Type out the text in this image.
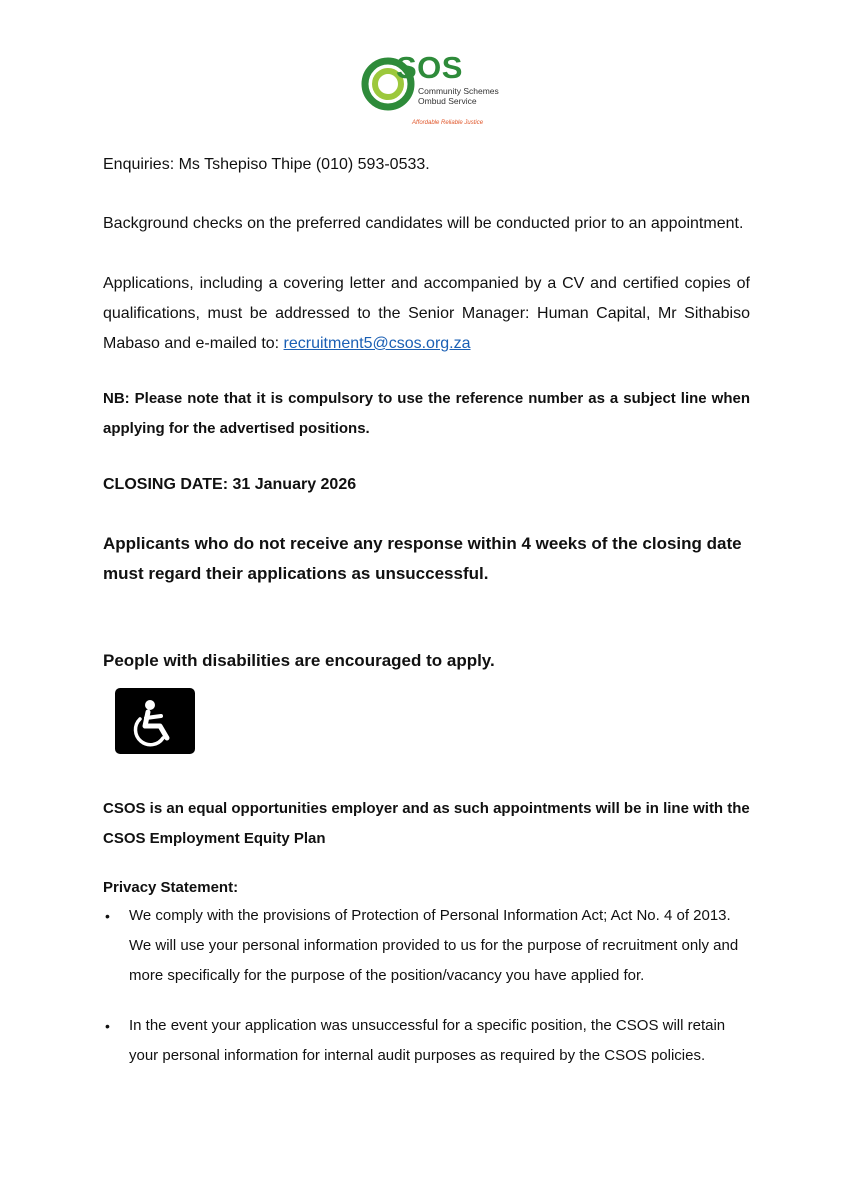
SOS
Community Schemes
Ombud Service
Affordable Reliable Justice

Enquiries: Ms Tshepiso Thipe (010) 593-0533.

Background checks on the preferred candidates will be conducted prior to an appointment.

Applications, including a covering letter and accompanied by a CV and certified copies of qualifications, must be addressed to the Senior Manager: Human Capital, Mr Sithabiso Mabaso and e-mailed to: recruitment5@csos.org.za

NB: Please note that it is compulsory to use the reference number as a subject line when applying for the advertised positions.

CLOSING DATE: 31 January 2026

Applicants who do not receive any response within 4 weeks of the closing date must regard their applications as unsuccessful.

People with disabilities are encouraged to apply.

CSOS is an equal opportunities employer and as such appointments will be in line with the CSOS Employment Equity Plan

Privacy Statement:

• We comply with the provisions of Protection of Personal Information Act; Act No. 4 of 2013. We will use your personal information provided to us for the purpose of recruitment only and more specifically for the purpose of the position/vacancy you have applied for.

• In the event your application was unsuccessful for a specific position, the CSOS will retain your personal information for internal audit purposes as required by the CSOS policies.
